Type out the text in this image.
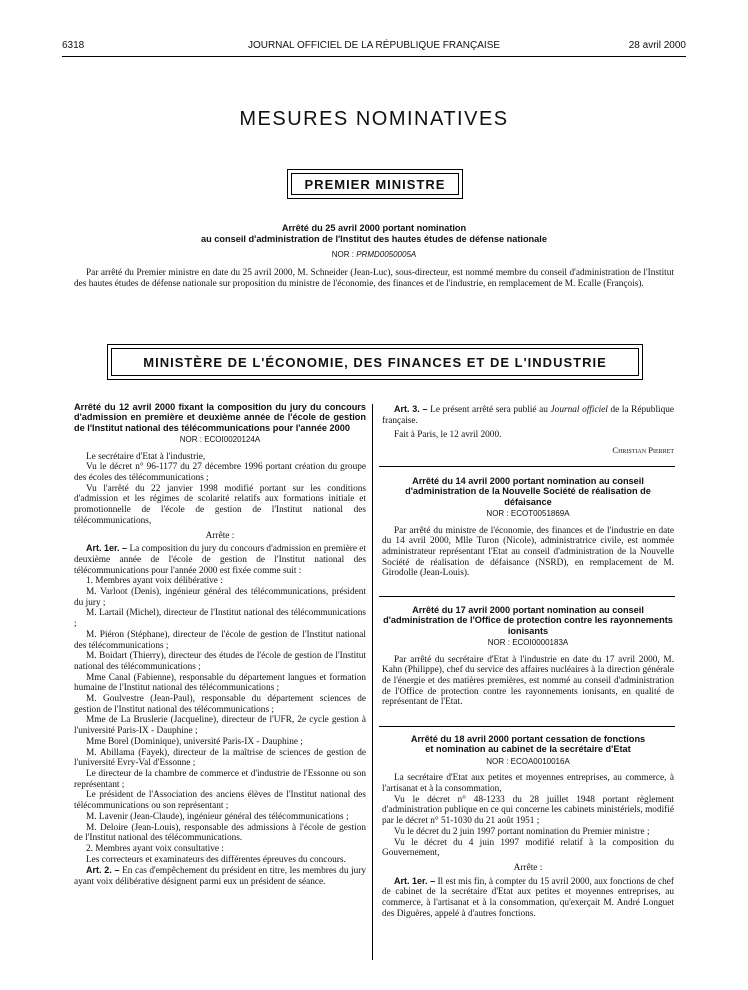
6318	JOURNAL OFFICIEL DE LA RÉPUBLIQUE FRANÇAISE	28 avril 2000
MESURES NOMINATIVES
PREMIER MINISTRE
Arrêté du 25 avril 2000 portant nomination
au conseil d'administration de l'Institut des hautes études de défense nationale
NOR : PRMD0050005A

Par arrêté du Premier ministre en date du 25 avril 2000, M. Schneider (Jean-Luc), sous-directeur, est nommé membre du conseil d'administration de l'Institut des hautes études de défense nationale sur proposition du ministre de l'économie, des finances et de l'industrie, en remplacement de M. Ecalle (François).

MINISTÈRE DE L'ÉCONOMIE, DES FINANCES ET DE L'INDUSTRIE
Arrêté du 12 avril 2000 fixant la composition du jury du concours d'admission en première et deuxième année de l'école de gestion de l'Institut national des télécommunications pour l'année 2000
NOR : ECOI0020124A

Le secrétaire d'Etat à l'industrie,

Vu le décret n° 96-1177 du 27 décembre 1996 portant création du groupe des écoles des télécommunications ;

Vu l'arrêté du 22 janvier 1998 modifié portant sur les conditions d'admission et les régimes de scolarité relatifs aux formations initiale et promotionnelle de l'école de gestion de l'Institut national des télécommunications,

Arrête :

Art. 1er. – La composition du jury du concours d'admission en première et deuxième année de l'école de gestion de l'Institut national des télécommunications pour l'année 2000 est fixée comme suit :

1. Membres ayant voix délibérative :

M. Varloot (Denis), ingénieur général des télécommunications, président du jury ;

M. Lartail (Michel), directeur de l'Institut national des télécommunications ;

M. Piéron (Stéphane), directeur de l'école de gestion de l'Institut national des télécommunications ;

M. Boidart (Thierry), directeur des études de l'école de gestion de l'Institut national des télécommunications ;

Mme Canal (Fabienne), responsable du département langues et formation humaine de l'Institut national des télécommunications ;

M. Goulvestre (Jean-Paul), responsable du département sciences de gestion de l'Institut national des télécommunications ;

Mme de La Bruslerie (Jacqueline), directeur de l'UFR, 2e cycle gestion à l'université Paris-IX - Dauphine ;

Mme Borel (Dominique), université Paris-IX - Dauphine ;

M. Abillama (Fayek), directeur de la maîtrise de sciences de gestion de l'université Evry-Val d'Essonne ;

Le directeur de la chambre de commerce et d'industrie de l'Essonne ou son représentant ;

Le président de l'Association des anciens élèves de l'Institut national des télécommunications ou son représentant ;

M. Lavenir (Jean-Claude), ingénieur général des télécommunications ;

M. Deloire (Jean-Louis), responsable des admissions à l'école de gestion de l'Institut national des télécommunications.

2. Membres ayant voix consultative :

Les correcteurs et examinateurs des différentes épreuves du concours.

Art. 2. – En cas d'empêchement du président en titre, les membres du jury ayant voix délibérative désignent parmi eux un président de séance.

Art. 3. – Le présent arrêté sera publié au Journal officiel de la République française.

Fait à Paris, le 12 avril 2000.

Christian Pierret

Arrêté du 14 avril 2000 portant nomination au conseil d'administration de la Nouvelle Société de réalisation de défaisance
NOR : ECOT0051869A

Par arrêté du ministre de l'économie, des finances et de l'industrie en date du 14 avril 2000, Mlle Turon (Nicole), administratrice civile, est nommée administrateur représentant l'Etat au conseil d'administration de la Nouvelle Société de réalisation de défaisance (NSRD), en remplacement de M. Girodolle (Jean-Louis).

Arrêté du 17 avril 2000 portant nomination au conseil d'administration de l'Office de protection contre les rayonnements ionisants
NOR : ECOI0000183A

Par arrêté du secrétaire d'Etat à l'industrie en date du 17 avril 2000, M. Kahn (Philippe), chef du service des affaires nucléaires à la direction générale de l'énergie et des matières premières, est nommé au conseil d'administration de l'Office de protection contre les rayonnements ionisants, en qualité de représentant de l'Etat.

Arrêté du 18 avril 2000 portant cessation de fonctions
et nomination au cabinet de la secrétaire d'Etat
NOR : ECOA0010016A

La secrétaire d'Etat aux petites et moyennes entreprises, au commerce, à l'artisanat et à la consommation,

Vu le décret n° 48-1233 du 28 juillet 1948 portant règlement d'administration publique en ce qui concerne les cabinets ministériels, modifié par le décret n° 51-1030 du 21 août 1951 ;

Vu le décret du 2 juin 1997 portant nomination du Premier ministre ;

Vu le décret du 4 juin 1997 modifié relatif à la composition du Gouvernement,

Arrête :

Art. 1er. – Il est mis fin, à compter du 15 avril 2000, aux fonctions de chef de cabinet de la secrétaire d'Etat aux petites et moyennes entreprises, au commerce, à l'artisanat et à la consommation, qu'exerçait M. André Longuet des Diguères, appelé à d'autres fonctions.
